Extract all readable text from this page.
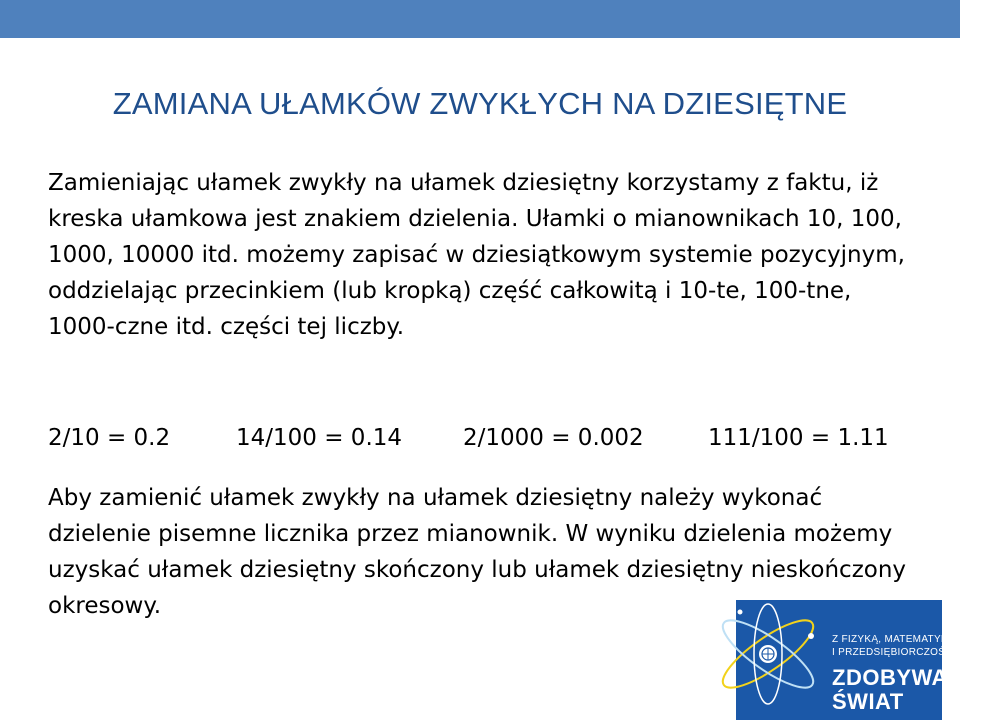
ZAMIANA UŁAMKÓW ZWYKŁYCH NA DZIESIĘTNE
Zamieniając ułamek zwykły na ułamek dziesiętny korzystamy z faktu, iż kreska ułamkowa jest znakiem dzielenia. Ułamki o mianownikach 10, 100, 1000, 10000 itd. możemy zapisać w dziesiątkowym systemie pozycyjnym, oddzielając przecinkiem (lub kropką) część całkowitą i 10-te, 100-tne, 1000-czne itd. części tej liczby.
2/10 = 0.2	14/100 = 0.14	2/1000 = 0.002	111/100 = 1.11
Aby zamienić ułamek zwykły na ułamek dziesiętny należy wykonać dzielenie pisemne licznika przez mianownik. W wyniku dzielenia możemy uzyskać ułamek dziesiętny skończony lub ułamek dziesiętny nieskończony okresowy.
Z FIZYKĄ, MATEMATYKĄ
I PRZEDSIĘBIORCZOŚCIĄ
ZDOBYWAMY
ŚWIAT
